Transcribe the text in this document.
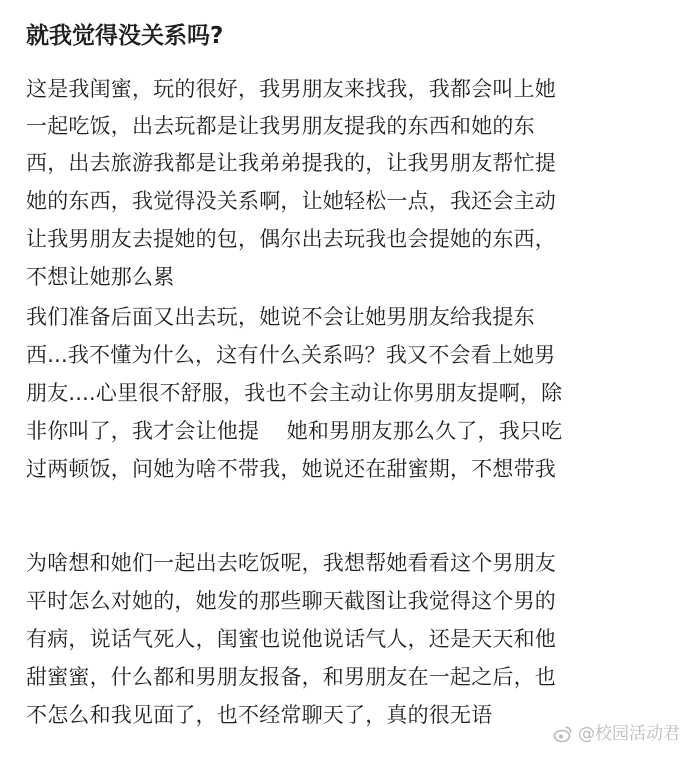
就我觉得没关系吗?
这是我闺蜜，玩的很好，我男朋友来找我，我都会叫上她
一起吃饭，出去玩都是让我男朋友提我的东西和她的东
西，出去旅游我都是让我弟弟提我的，让我男朋友帮忙提
她的东西，我觉得没关系啊，让她轻松一点，我还会主动
让我男朋友去提她的包，偶尔出去玩我也会提她的东西，
不想让她那么累
我们准备后面又出去玩，她说不会让她男朋友给我提东
西...我不懂为什么，这有什么关系吗？我又不会看上她男
朋友....心里很不舒服，我也不会主动让你男朋友提啊，除
非你叫了，我才会让他提    她和男朋友那么久了，我只吃
过两顿饭，问她为啥不带我，她说还在甜蜜期，不想带我
为啥想和她们一起出去吃饭呢，我想帮她看看这个男朋友
平时怎么对她的，她发的那些聊天截图让我觉得这个男的
有病，说话气死人，闺蜜也说他说话气人，还是天天和他
甜蜜蜜，什么都和男朋友报备，和男朋友在一起之后，也
不怎么和我见面了，也不经常聊天了，真的很无语
@校园活动君
